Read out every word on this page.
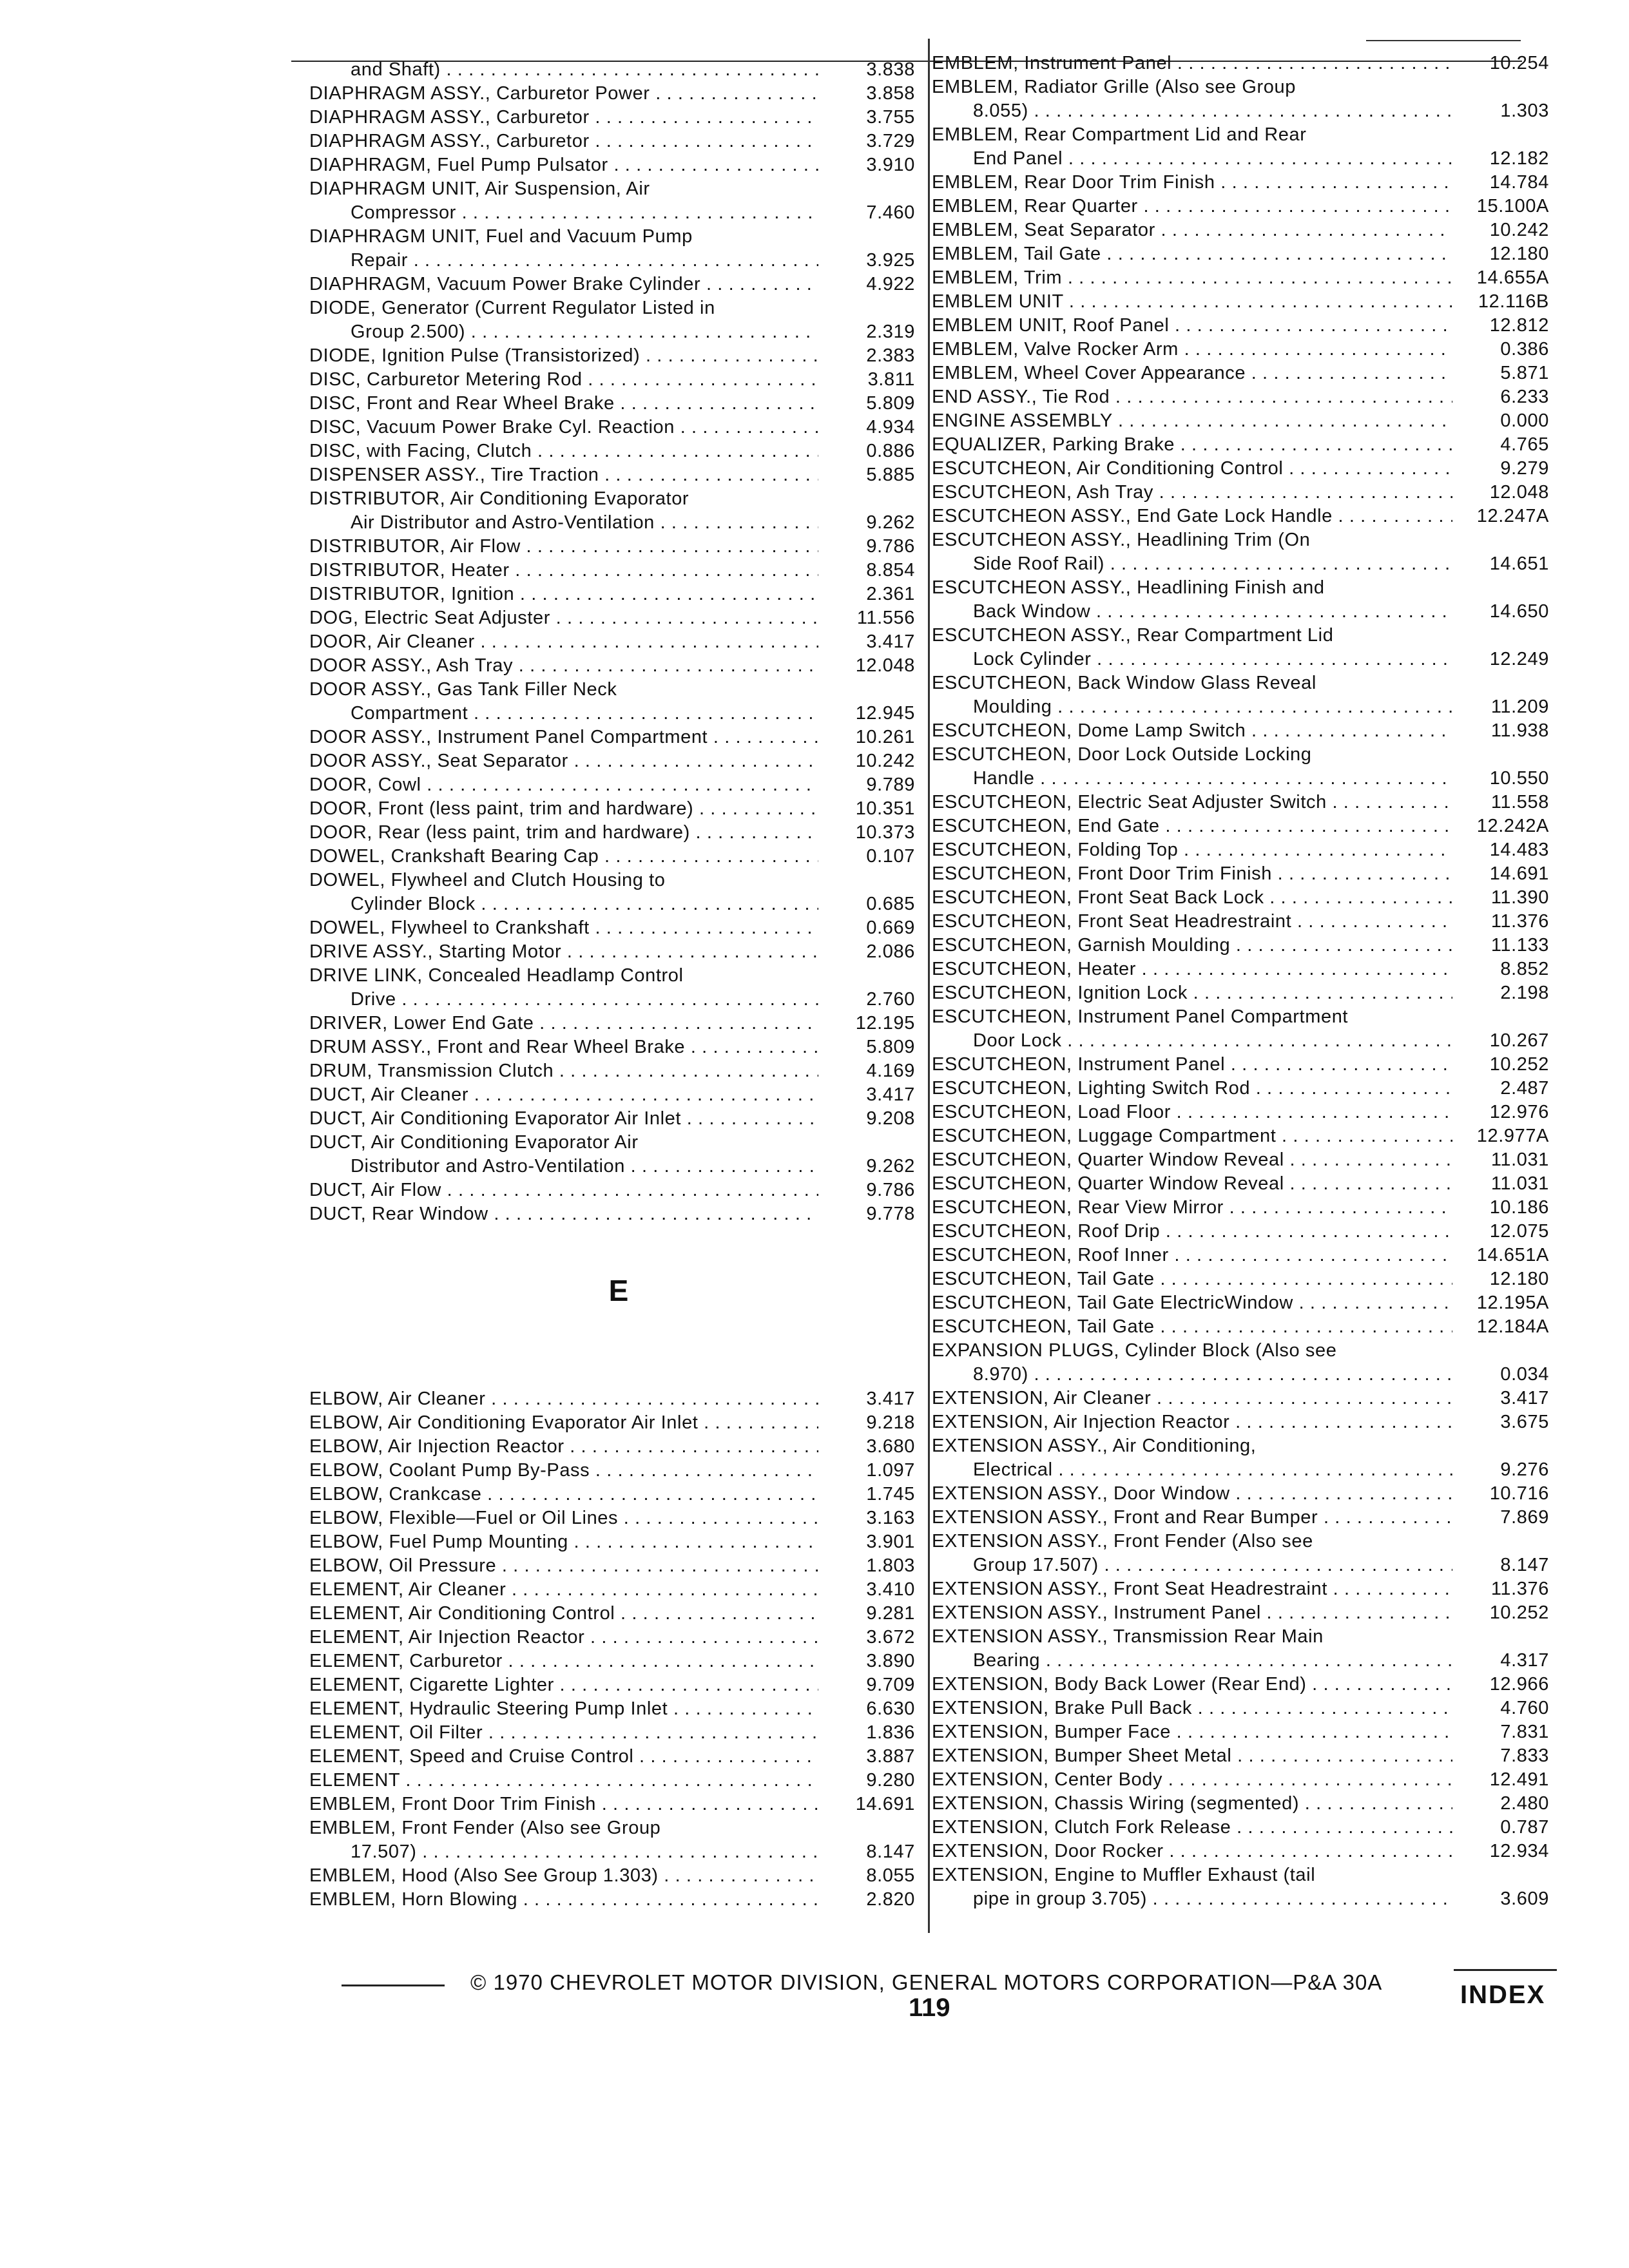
and Shaft) . . .	3.838
DIAPHRAGM ASSY., Carburetor Power . . .	3.858
DIAPHRAGM ASSY., Carburetor . . .	3.755
DIAPHRAGM ASSY., Carburetor . . .	3.729
DIAPHRAGM, Fuel Pump Pulsator . . .	3.910
DIAPHRAGM UNIT, Air Suspension, Air
Compressor . . .	7.460
DIAPHRAGM UNIT, Fuel and Vacuum Pump
Repair . . .	3.925
DIAPHRAGM, Vacuum Power Brake Cylinder . . .	4.922
DIODE, Generator (Current Regulator Listed in
Group 2.500) . . .	2.319
DIODE, Ignition Pulse (Transistorized) . . .	2.383
DISC, Carburetor Metering Rod . . .	3.811
DISC, Front and Rear Wheel Brake . . .	5.809
DISC, Vacuum Power Brake Cyl. Reaction . . .	4.934
DISC, with Facing, Clutch . . .	0.886
DISPENSER ASSY., Tire Traction . . .	5.885
DISTRIBUTOR, Air Conditioning Evaporator
Air Distributor and Astro-Ventilation . . .	9.262
DISTRIBUTOR, Air Flow . . .	9.786
DISTRIBUTOR, Heater . . .	8.854
DISTRIBUTOR, Ignition . . .	2.361
DOG, Electric Seat Adjuster . . .	11.556
DOOR, Air Cleaner . . .	3.417
DOOR ASSY., Ash Tray . . .	12.048
DOOR ASSY., Gas Tank Filler Neck
Compartment . . .	12.945
DOOR ASSY., Instrument Panel Compartment . . .	10.261
DOOR ASSY., Seat Separator . . .	10.242
DOOR, Cowl . . .	9.789
DOOR, Front (less paint, trim and hardware) . . .	10.351
DOOR, Rear (less paint, trim and hardware) . . .	10.373
DOWEL, Crankshaft Bearing Cap . . .	0.107
DOWEL, Flywheel and Clutch Housing to
Cylinder Block . . .	0.685
DOWEL, Flywheel to Crankshaft . . .	0.669
DRIVE ASSY., Starting Motor . . .	2.086
DRIVE LINK, Concealed Headlamp Control
Drive . . .	2.760
DRIVER, Lower End Gate . . .	12.195
DRUM ASSY., Front and Rear Wheel Brake . . .	5.809
DRUM, Transmission Clutch . . .	4.169
DUCT, Air Cleaner . . .	3.417
DUCT, Air Conditioning Evaporator Air Inlet . . .	9.208
DUCT, Air Conditioning Evaporator Air
Distributor and Astro-Ventilation . . .	9.262
DUCT, Air Flow . . .	9.786
DUCT, Rear Window . . .	9.778
E
ELBOW, Air Cleaner . . .	3.417
ELBOW, Air Conditioning Evaporator Air Inlet . . .	9.218
ELBOW, Air Injection Reactor . . .	3.680
ELBOW, Coolant Pump By-Pass . . .	1.097
ELBOW, Crankcase . . .	1.745
ELBOW, Flexible—Fuel or Oil Lines . . .	3.163
ELBOW, Fuel Pump Mounting . . .	3.901
ELBOW, Oil Pressure . . .	1.803
ELEMENT, Air Cleaner . . .	3.410
ELEMENT, Air Conditioning Control . . .	9.281
ELEMENT, Air Injection Reactor . . .	3.672
ELEMENT, Carburetor . . .	3.890
ELEMENT, Cigarette Lighter . . .	9.709
ELEMENT, Hydraulic Steering Pump Inlet . . .	6.630
ELEMENT, Oil Filter . . .	1.836
ELEMENT, Speed and Cruise Control . . .	3.887
ELEMENT . . .	9.280
EMBLEM, Front Door Trim Finish . . .	14.691
EMBLEM, Front Fender (Also see Group
17.507) . . .	8.147
EMBLEM, Hood (Also See Group 1.303) . . .	8.055
EMBLEM, Horn Blowing . . .	2.820
EMBLEM, Instrument Panel . . .	10.254
EMBLEM, Radiator Grille (Also see Group
8.055) . . .	1.303
EMBLEM, Rear Compartment Lid and Rear
End Panel . . .	12.182
EMBLEM, Rear Door Trim Finish . . .	14.784
EMBLEM, Rear Quarter . . .	15.100A
EMBLEM, Seat Separator . . .	10.242
EMBLEM, Tail Gate . . .	12.180
EMBLEM, Trim . . .	14.655A
EMBLEM UNIT . . .	12.116B
EMBLEM UNIT, Roof Panel . . .	12.812
EMBLEM, Valve Rocker Arm . . .	0.386
EMBLEM, Wheel Cover Appearance . . .	5.871
END ASSY., Tie Rod . . .	6.233
ENGINE ASSEMBLY . . .	0.000
EQUALIZER, Parking Brake . . .	4.765
ESCUTCHEON, Air Conditioning Control . . .	9.279
ESCUTCHEON, Ash Tray . . .	12.048
ESCUTCHEON ASSY., End Gate Lock Handle . . .	12.247A
ESCUTCHEON ASSY., Headlining Trim (On
Side Roof Rail) . . .	14.651
ESCUTCHEON ASSY., Headlining Finish and
Back Window . . .	14.650
ESCUTCHEON ASSY., Rear Compartment Lid
Lock Cylinder . . .	12.249
ESCUTCHEON, Back Window Glass Reveal
Moulding . . .	11.209
ESCUTCHEON, Dome Lamp Switch . . .	11.938
ESCUTCHEON, Door Lock Outside Locking
Handle . . .	10.550
ESCUTCHEON, Electric Seat Adjuster Switch . . .	11.558
ESCUTCHEON, End Gate . . .	12.242A
ESCUTCHEON, Folding Top . . .	14.483
ESCUTCHEON, Front Door Trim Finish . . .	14.691
ESCUTCHEON, Front Seat Back Lock . . .	11.390
ESCUTCHEON, Front Seat Headrestraint . . .	11.376
ESCUTCHEON, Garnish Moulding . . .	11.133
ESCUTCHEON, Heater . . .	8.852
ESCUTCHEON, Ignition Lock . . .	2.198
ESCUTCHEON, Instrument Panel Compartment
Door Lock . . .	10.267
ESCUTCHEON, Instrument Panel . . .	10.252
ESCUTCHEON, Lighting Switch Rod . . .	2.487
ESCUTCHEON, Load Floor . . .	12.976
ESCUTCHEON, Luggage Compartment . . .	12.977A
ESCUTCHEON, Quarter Window Reveal . . .	11.031
ESCUTCHEON, Quarter Window Reveal . . .	11.031
ESCUTCHEON, Rear View Mirror . . .	10.186
ESCUTCHEON, Roof Drip . . .	12.075
ESCUTCHEON, Roof Inner . . .	14.651A
ESCUTCHEON, Tail Gate . . .	12.180
ESCUTCHEON, Tail Gate ElectricWindow . . .	12.195A
ESCUTCHEON, Tail Gate . . .	12.184A
EXPANSION PLUGS, Cylinder Block (Also see
8.970) . . .	0.034
EXTENSION, Air Cleaner . . .	3.417
EXTENSION, Air Injection Reactor . . .	3.675
EXTENSION ASSY., Air Conditioning,
Electrical . . .	9.276
EXTENSION ASSY., Door Window . . .	10.716
EXTENSION ASSY., Front and Rear Bumper . . .	7.869
EXTENSION ASSY., Front Fender (Also see
Group 17.507) . . .	8.147
EXTENSION ASSY., Front Seat Headrestraint . . .	11.376
EXTENSION ASSY., Instrument Panel . . .	10.252
EXTENSION ASSY., Transmission Rear Main
Bearing . . .	4.317
EXTENSION, Body Back Lower (Rear End) . . .	12.966
EXTENSION, Brake Pull Back . . .	4.760
EXTENSION, Bumper Face . . .	7.831
EXTENSION, Bumper Sheet Metal . . .	7.833
EXTENSION, Center Body . . .	12.491
EXTENSION, Chassis Wiring (segmented) . . .	2.480
EXTENSION, Clutch Fork Release . . .	0.787
EXTENSION, Door Rocker . . .	12.934
EXTENSION, Engine to Muffler Exhaust (tail
pipe in group 3.705) . . .	3.609
© 1970 CHEVROLET MOTOR DIVISION, GENERAL MOTORS CORPORATION—P&A 30A
119	INDEX
